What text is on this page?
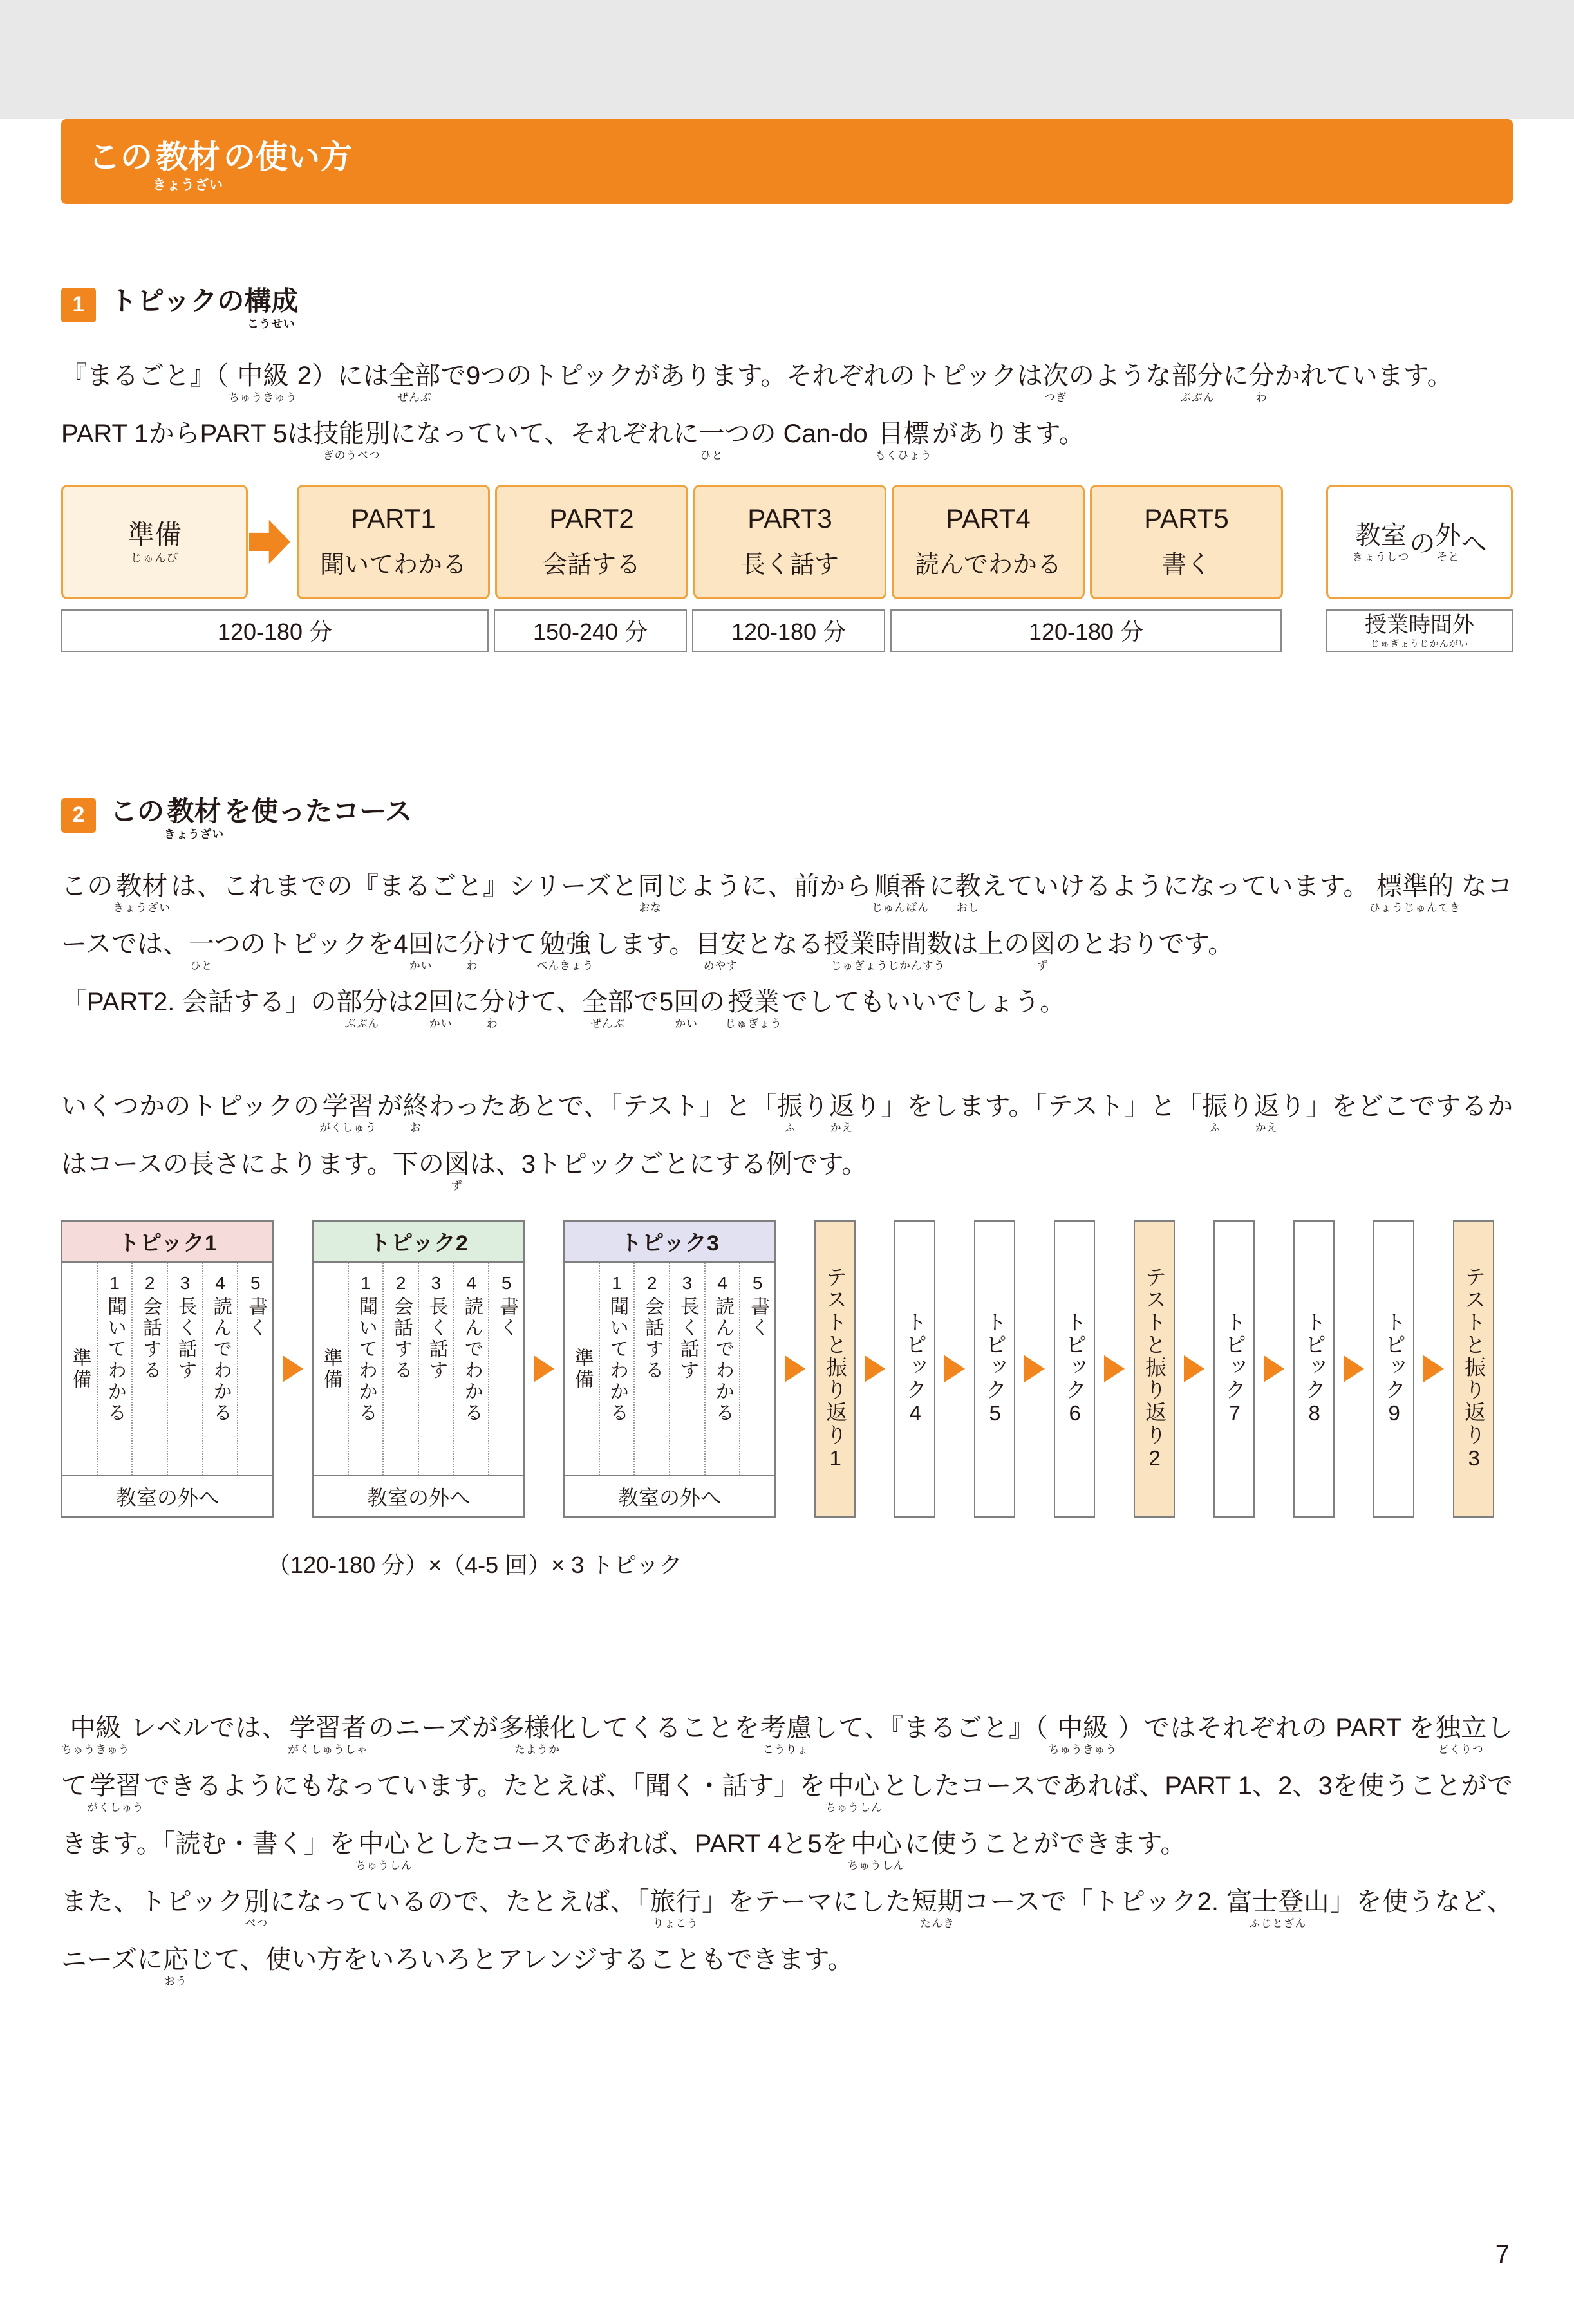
この 教材
きょうざい
の使い方
1 トピックの 構成
こうせい

『まるごと』（ 中級
ちゅうきゅう
2）には 全部
ぜんぶ
で9つのトピックがあります。それぞれのトピックは 次
つぎ
のような 部分
ぶぶん
に 分
わ
かれています。

PART 1からPART 5は 技能別
ぎのうべつ
になっていて、それぞれに 一
ひと
つの Can-do 目標
もくひょう
があります。

準備
じゅんび
PART1
聞いてわかる
PART2
会話する
PART3
長く話す
PART4
読んでわかる
PART5
書く
教室
きょうしつ の 外
そと へ
120-180 分	150-240 分	120-180 分	120-180 分	授業時間外
じゅぎょうじかんがい
2 この 教材
きょうざい
を使ったコース

この 教材
きょうざい
は、これまでの『まるごと』シリーズと 同
おな
じように、前から 順番
じゅんばん
に 教
おし
えていけるようになっています。 標準的
ひょうじゅんてき
なコースでは、 一
ひと
つのトピックを4 回
かい
に 分
わ
けて 勉強
べんきょう
します。 目安
めやす
となる 授業時間数
じゅぎょうじかんすう
は上の 図
ず
のとおりです。

「PART2. 会話する」の 部分
ぶぶん
は2 回
かい
に 分
わ
けて、 全部
ぜんぶ
で5 回
かい
の 授業
じゅぎょう
でしてもいいでしょう。

いくつかのトピックの 学習
がくしゅう
が 終
お
わったあとで、「テスト」と「 振
ふ
り 返
かえ
り」をします。「テスト」と「 振
ふ
り 返
かえ
り」をどこでするかはコースの長さによります。下の 図
ず
は、3トピックごとにする例です。

トピック1
準備
1
聞いてわかる
2
会話する
3
長く話す
4
読んでわかる
5
書く
教室の外へ
トピック2
準備
1
聞いてわかる
2
会話する
3
長く話す
4
読んでわかる
5
書く
教室の外へ
トピック3
準備
1
聞いてわかる
2
会話する
3
長く話す
4
読んでわかる
5
書く
教室の外へ
テストと振り返り1	トピック4	トピック5	トピック6	テストと振り返り2	トピック7	トピック8	トピック9	テストと振り返り3
（120-180 分）×（4-5 回）× 3 トピック

中級
ちゅうきゅう
レベルでは、 学習者
がくしゅうしゃ
のニーズが 多様化
たようか
してくることを 考慮
こうりょ
して、『まるごと』（ 中級
ちゅうきゅう
）ではそれぞれの PART を 独立
どくりつ
して 学習
がくしゅう
できるようにもなっています。たとえば、「聞く・話す」を 中心
ちゅうしん
としたコースであれば、PART 1、2、3を使うことができます。「読む・書く」を 中心
ちゅうしん
としたコースであれば、PART 4と5を 中心
ちゅうしん
に使うことができます。

また、トピック 別
べつ
になっているので、たとえば、「 旅行
りょこう
」をテーマにした 短期
たんき
コースで「トピック2. 富士登山
ふじとざん
」を使うなど、ニーズに 応
おう
じて、使い方をいろいろとアレンジすることもできます。

7
